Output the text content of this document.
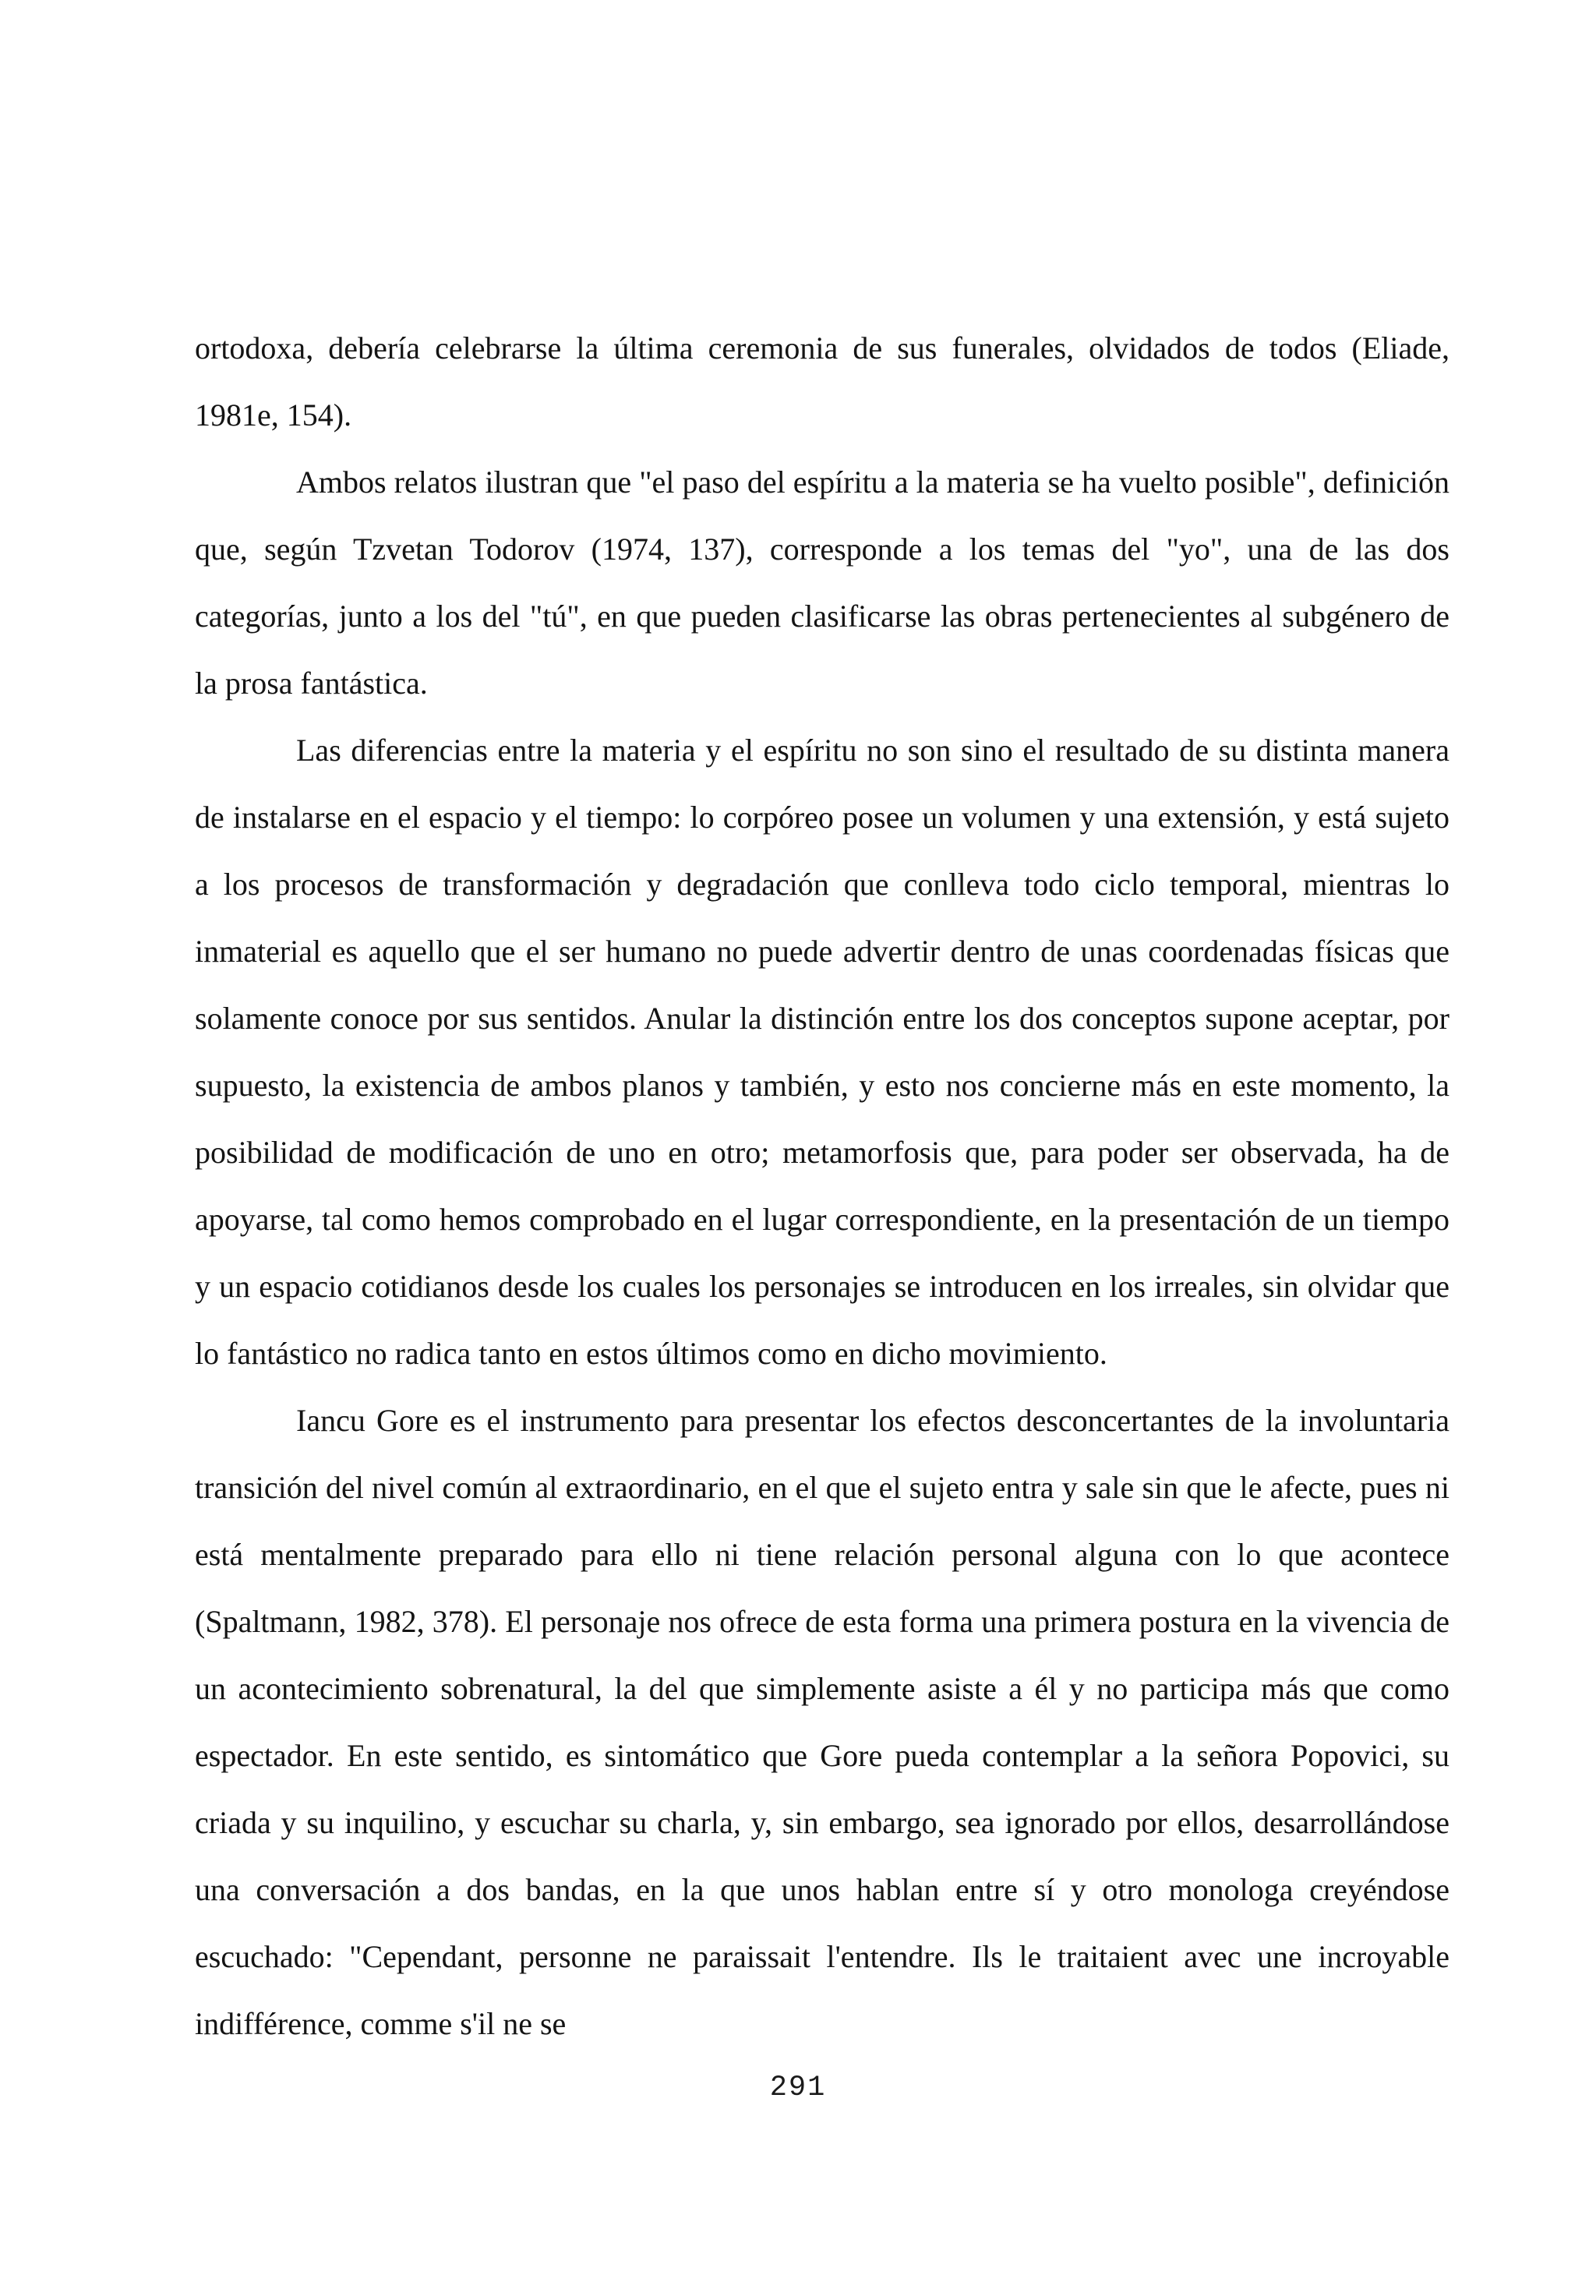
ortodoxa, debería celebrarse la última ceremonia de sus funerales, olvidados de todos (Eliade, 1981e, 154).

Ambos relatos ilustran que "el paso del espíritu a la materia se ha vuelto posible", definición que, según Tzvetan Todorov (1974, 137), corresponde a los temas del "yo", una de las dos categorías, junto a los del "tú", en que pueden clasificarse las obras pertenecientes al subgénero de la prosa fantástica.

Las diferencias entre la materia y el espíritu no son sino el resultado de su distinta manera de instalarse en el espacio y el tiempo: lo corpóreo posee un volumen y una extensión, y está sujeto a los procesos de transformación y degradación que conlleva todo ciclo temporal, mientras lo inmaterial es aquello que el ser humano no puede advertir dentro de unas coordenadas físicas que solamente conoce por sus sentidos. Anular la distinción entre los dos conceptos supone aceptar, por supuesto, la existencia de ambos planos y también, y esto nos concierne más en este momento, la posibilidad de modificación de uno en otro; metamorfosis que, para poder ser observada, ha de apoyarse, tal como hemos comprobado en el lugar correspondiente, en la presentación de un tiempo y un espacio cotidianos desde los cuales los personajes se introducen en los irreales, sin olvidar que lo fantástico no radica tanto en estos últimos como en dicho movimiento.

Iancu Gore es el instrumento para presentar los efectos desconcertantes de la involuntaria transición del nivel común al extraordinario, en el que el sujeto entra y sale sin que le afecte, pues ni está mentalmente preparado para ello ni tiene relación personal alguna con lo que acontece (Spaltmann, 1982, 378). El personaje nos ofrece de esta forma una primera postura en la vivencia de un acontecimiento sobrenatural, la del que simplemente asiste a él y no participa más que como espectador. En este sentido, es sintomático que Gore pueda contemplar a la señora Popovici, su criada y su inquilino, y escuchar su charla, y, sin embargo, sea ignorado por ellos, desarrollándose una conversación a dos bandas, en la que unos hablan entre sí y otro monologa creyéndose escuchado: "Cependant, personne ne paraissait l'entendre. Ils le traitaient avec une incroyable indifférence, comme s'il ne se

291
